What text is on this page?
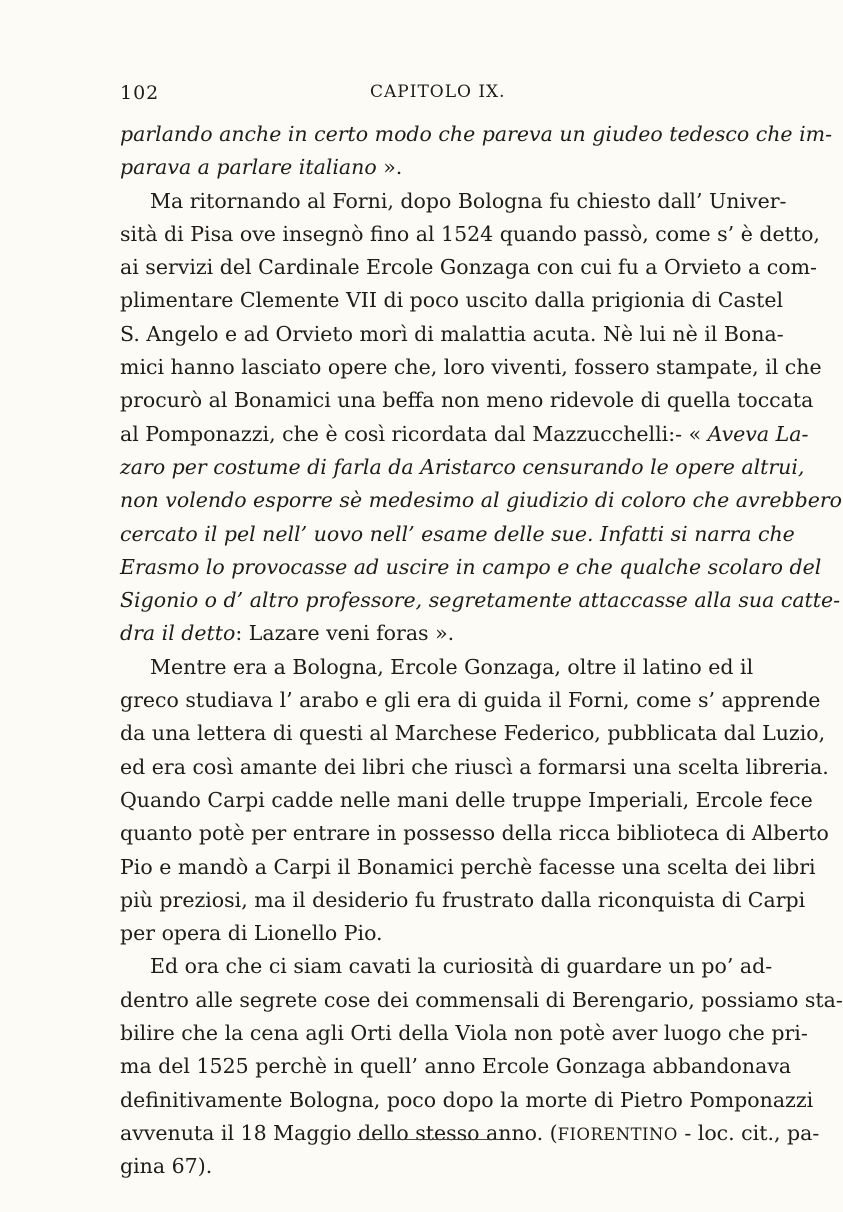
102	CAPITOLO IX.
parlando anche in certo modo che pareva un giudeo tedesco che im-
parava a parlare italiano ».
Ma ritornando al Forni, dopo Bologna fu chiesto dall’ Univer-
sità di Pisa ove insegnò fino al 1524 quando passò, come s’ è detto,
ai servizi del Cardinale Ercole Gonzaga con cui fu a Orvieto a com-
plimentare Clemente VII di poco uscito dalla prigionia di Castel
S. Angelo e ad Orvieto morì di malattia acuta. Nè lui nè il Bona-
mici hanno lasciato opere che, loro viventi, fossero stampate, il che
procurò al Bonamici una beffa non meno ridevole di quella toccata
al Pomponazzi, che è così ricordata dal Mazzucchelli:- « Aveva La-
zaro per costume di farla da Aristarco censurando le opere altrui,
non volendo esporre sè medesimo al giudizio di coloro che avrebbero
cercato il pel nell’ uovo nell’ esame delle sue. Infatti si narra che
Erasmo lo provocasse ad uscire in campo e che qualche scolaro del
Sigonio o d’ altro professore, segretamente attaccasse alla sua catte-
dra il detto: Lazare veni foras ».
Mentre era a Bologna, Ercole Gonzaga, oltre il latino ed il
greco studiava l’ arabo e gli era di guida il Forni, come s’ apprende
da una lettera di questi al Marchese Federico, pubblicata dal Luzio,
ed era così amante dei libri che riuscì a formarsi una scelta libreria.
Quando Carpi cadde nelle mani delle truppe Imperiali, Ercole fece
quanto potè per entrare in possesso della ricca biblioteca di Alberto
Pio e mandò a Carpi il Bonamici perchè facesse una scelta dei libri
più preziosi, ma il desiderio fu frustrato dalla riconquista di Carpi
per opera di Lionello Pio.
Ed ora che ci siam cavati la curiosità di guardare un po’ ad-
dentro alle segrete cose dei commensali di Berengario, possiamo sta-
bilire che la cena agli Orti della Viola non potè aver luogo che pri-
ma del 1525 perchè in quell’ anno Ercole Gonzaga abbandonava
definitivamente Bologna, poco dopo la morte di Pietro Pomponazzi
avvenuta il 18 Maggio dello stesso anno. (FIORENTINO - loc. cit., pa-
gina 67).
